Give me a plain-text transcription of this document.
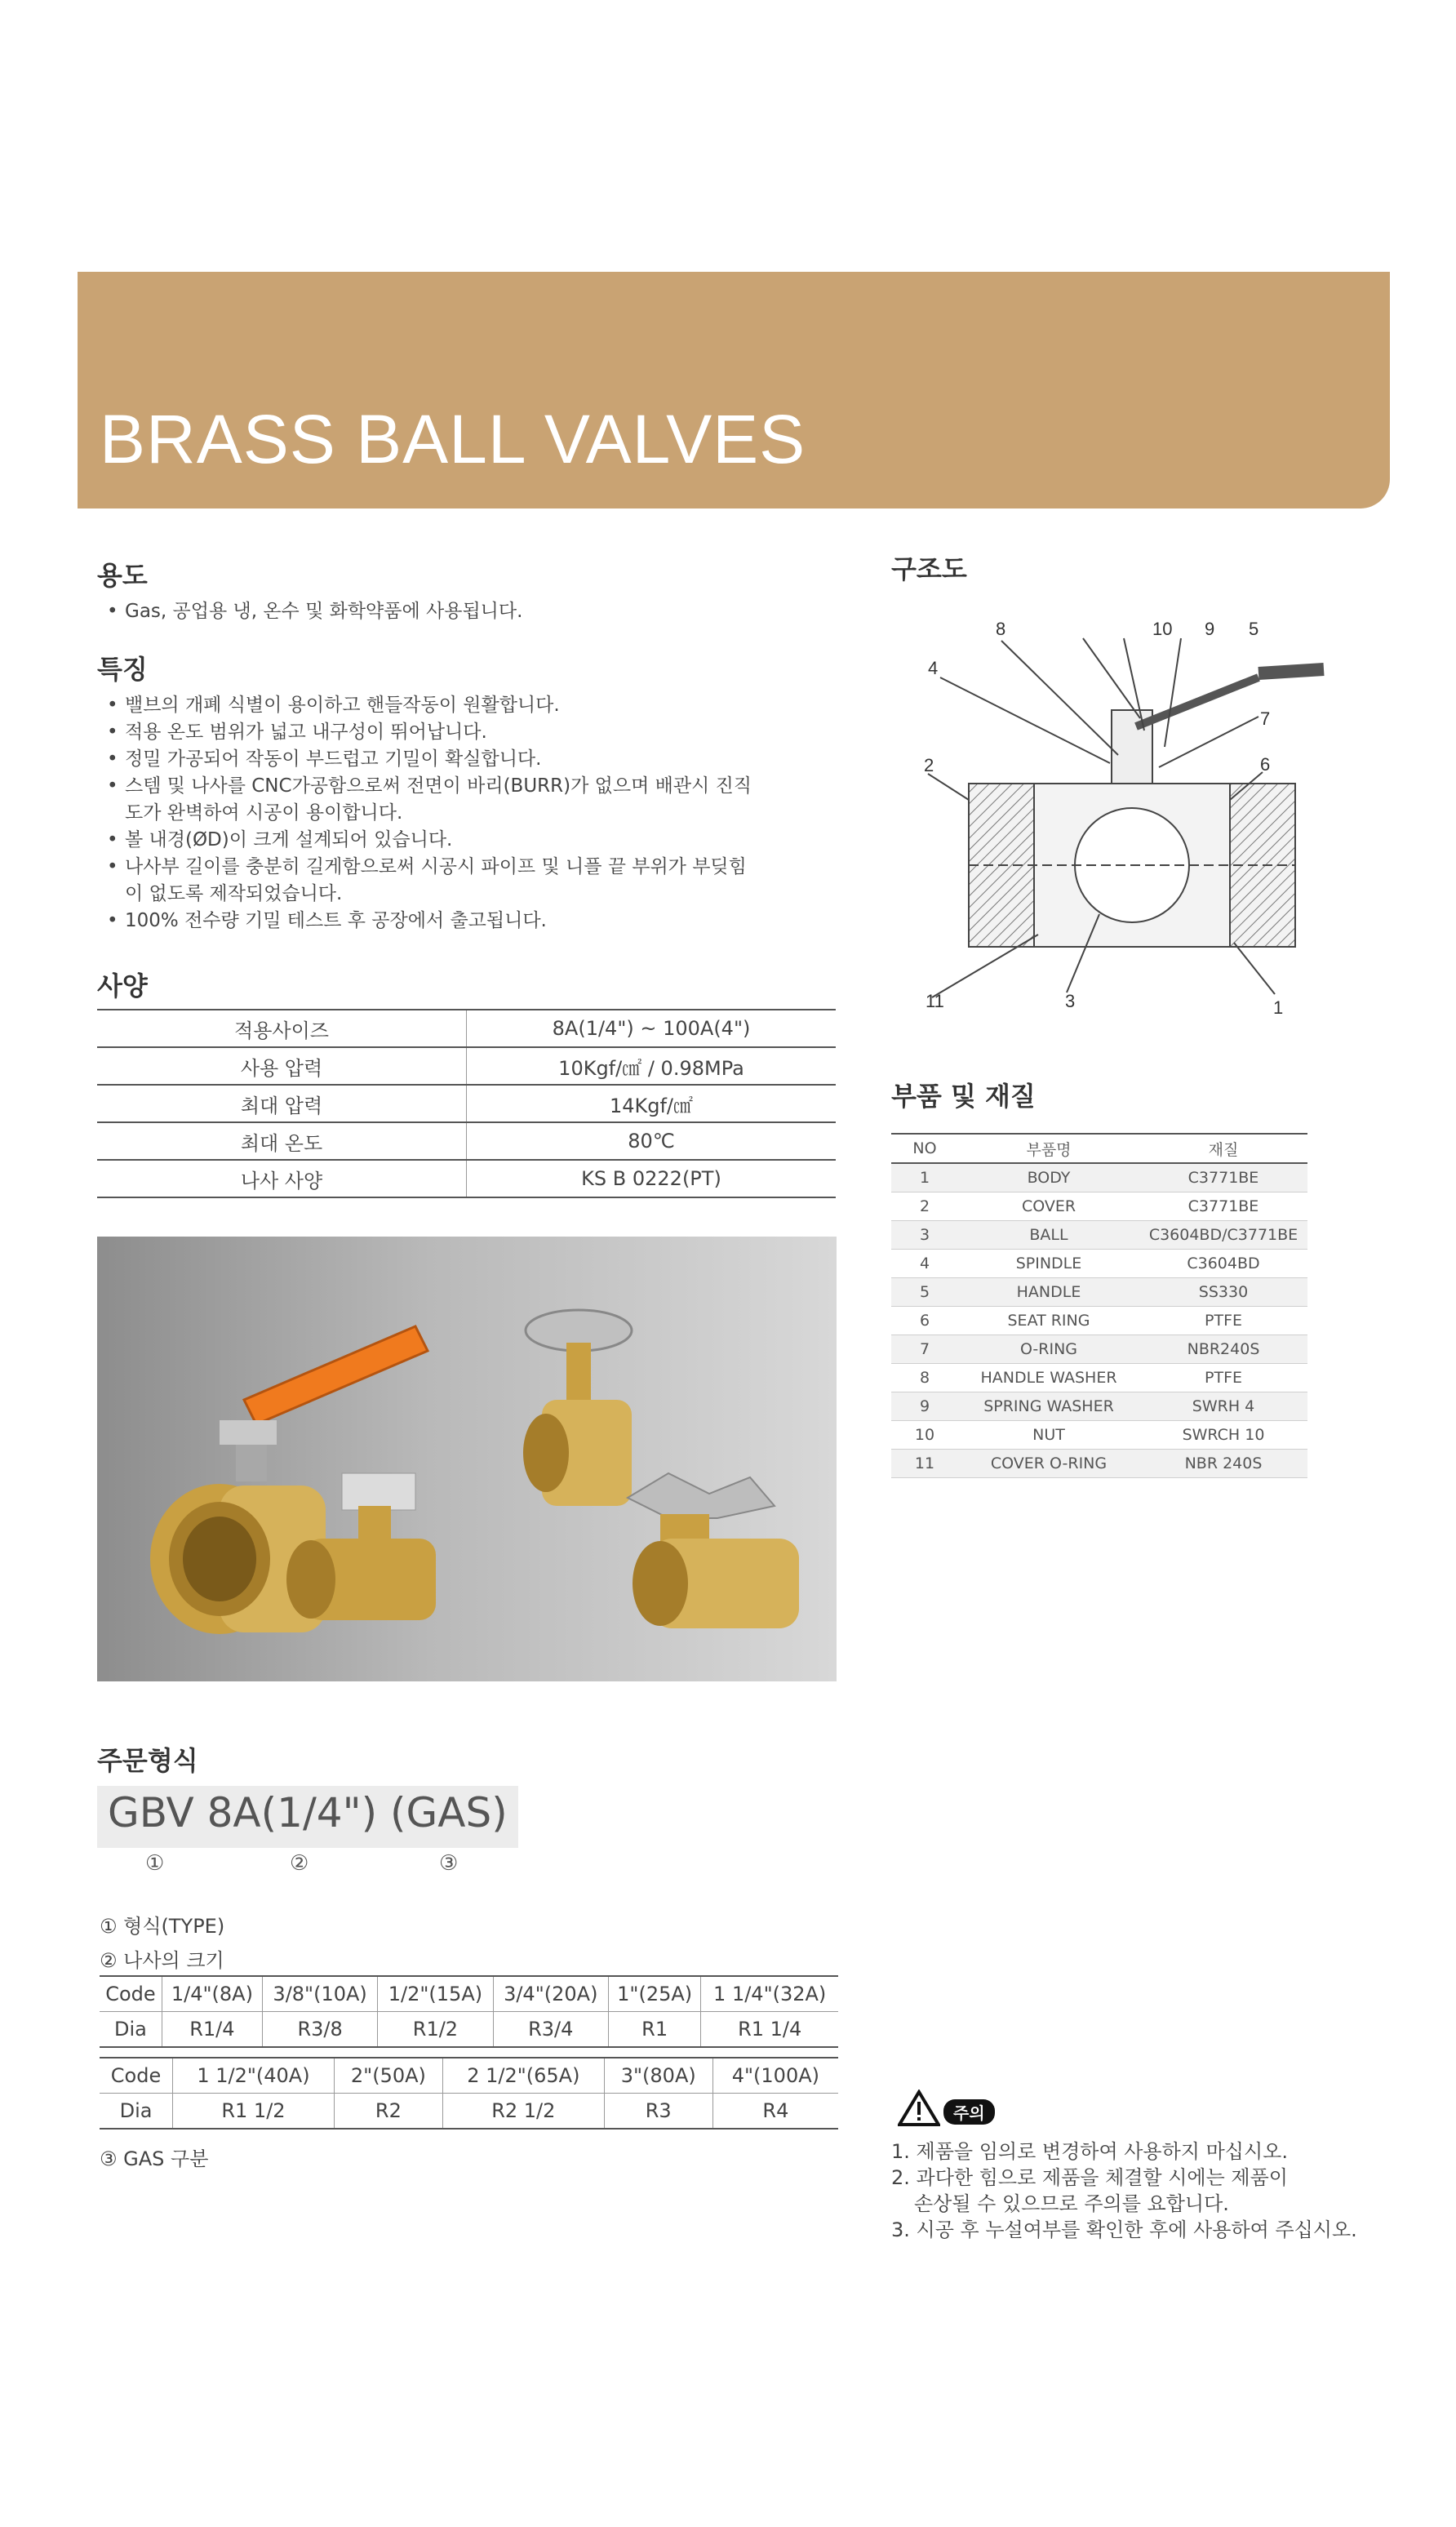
BRASS BALL VALVES
용도
• Gas, 공업용 냉, 온수 및 화학약품에 사용됩니다.
특징
• 밸브의 개폐 식별이 용이하고 핸들작동이 원활합니다.
• 적용 온도 범위가 넓고 내구성이 뛰어납니다.
• 정밀 가공되어 작동이 부드럽고 기밀이 확실합니다.
• 스템 및 나사를 CNC가공함으로써 전면이 바리(BURR)가 없으며 배관시 진직도가 완벽하여 시공이 용이합니다.
• 볼 내경(ØD)이 크게 설계되어 있습니다.
• 나사부 길이를 충분히 길게함으로써 시공시 파이프 및 니플 끝 부위가 부딪힘이 없도록 제작되었습니다.
• 100% 전수량 기밀 테스트 후 공장에서 출고됩니다.
사양
적용사이즈	8A(1/4") ~ 100A(4")
사용 압력	10Kgf/㎠ / 0.98MPa
최대 압력	14Kgf/㎠
최대 온도	80℃
나사 사양	KS B 0222(PT)
구조도
8	10 9 5
4
7
2	6
11	3	1
부품 및 재질
NO	부품명	재질
1	BODY	C3771BE
2	COVER	C3771BE
3	BALL	C3604BD/C3771BE
4	SPINDLE	C3604BD
5	HANDLE	SS330
6	SEAT RING	PTFE
7	O-RING	NBR240S
8	HANDLE WASHER	PTFE
9	SPRING WASHER	SWRH 4
10	NUT	SWRCH 10
11	COVER O-RING	NBR 240S
주문형식
GBV 8A(1/4") (GAS)
①	②	③
① 형식(TYPE)
② 나사의 크기
Code	1/4"(8A)	3/8"(10A)	1/2"(15A)	3/4"(20A)	1"(25A)	1 1/4"(32A)
Dia	R1/4	R3/8	R1/2	R3/4	R1	R1 1/4
Code	1 1/2"(40A)	2"(50A)	2 1/2"(65A)	3"(80A)	4"(100A)
Dia	R1 1/2	R2	R2 1/2	R3	R4
③ GAS 구분
주의
1. 제품을 임의로 변경하여 사용하지 마십시오.
2. 과다한 힘으로 제품을 체결할 시에는 제품이
손상될 수 있으므로 주의를 요합니다.
3. 시공 후 누설여부를 확인한 후에 사용하여 주십시오.
